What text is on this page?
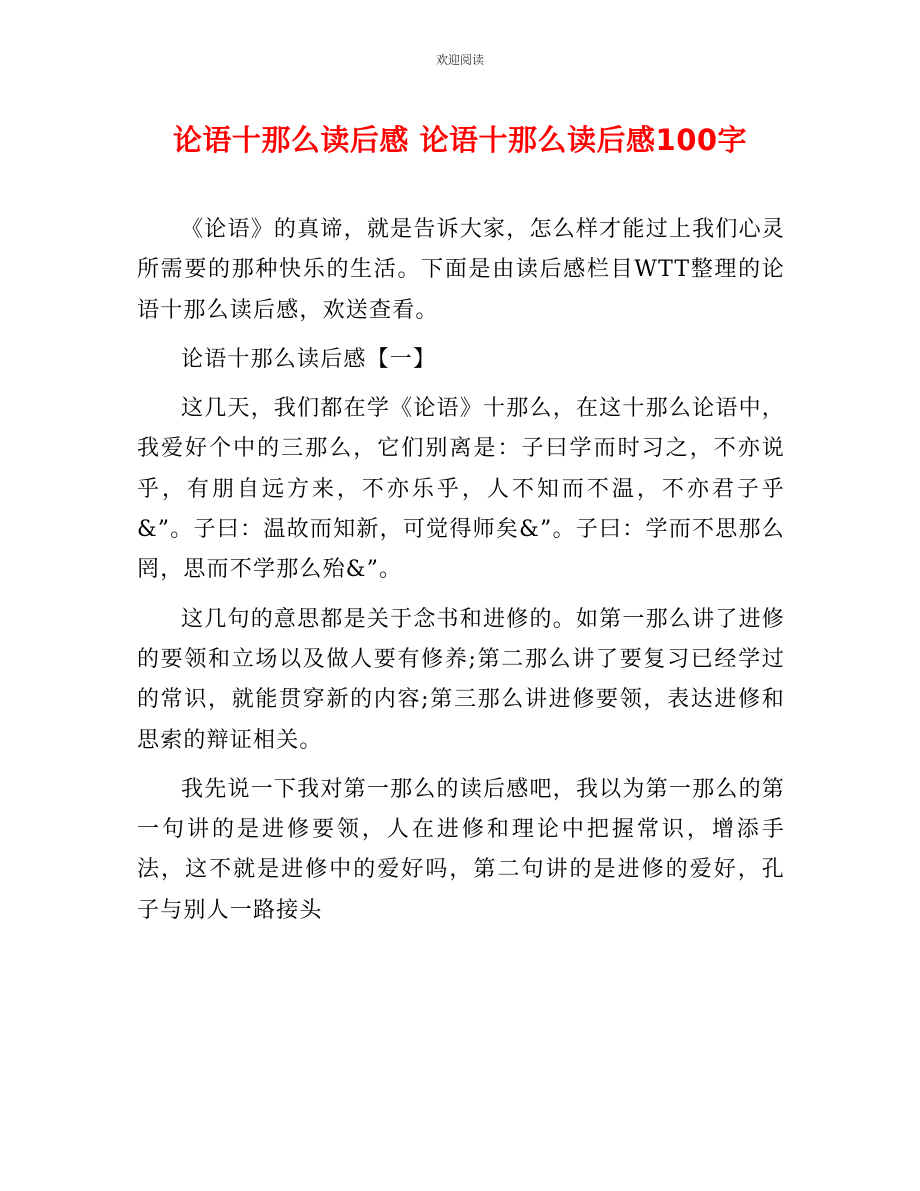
欢迎阅读
论语十那么读后感 论语十那么读后感100字

《论语》的真谛，就是告诉大家，怎么样才能过上我们心灵所需要的那种快乐的生活。下面是由读后感栏目WTT整理的论语十那么读后感，欢送查看。

论语十那么读后感【一】

这几天，我们都在学《论语》十那么，在这十那么论语中，我爱好个中的三那么，它们别离是：子曰学而时习之，不亦说乎，有朋自远方来，不亦乐乎，人不知而不温，不亦君子乎&”。子曰：温故而知新，可觉得师矣&”。子曰：学而不思那么罔，思而不学那么殆&”。

这几句的意思都是关于念书和进修的。如第一那么讲了进修的要领和立场以及做人要有修养;第二那么讲了要复习已经学过的常识，就能贯穿新的内容;第三那么讲进修要领，表达进修和思索的辩证相关。

我先说一下我对第一那么的读后感吧，我以为第一那么的第一句讲的是进修要领，人在进修和理论中把握常识，增添手法，这不就是进修中的爱好吗，第二句讲的是进修的爱好，孔子与别人一路接头
